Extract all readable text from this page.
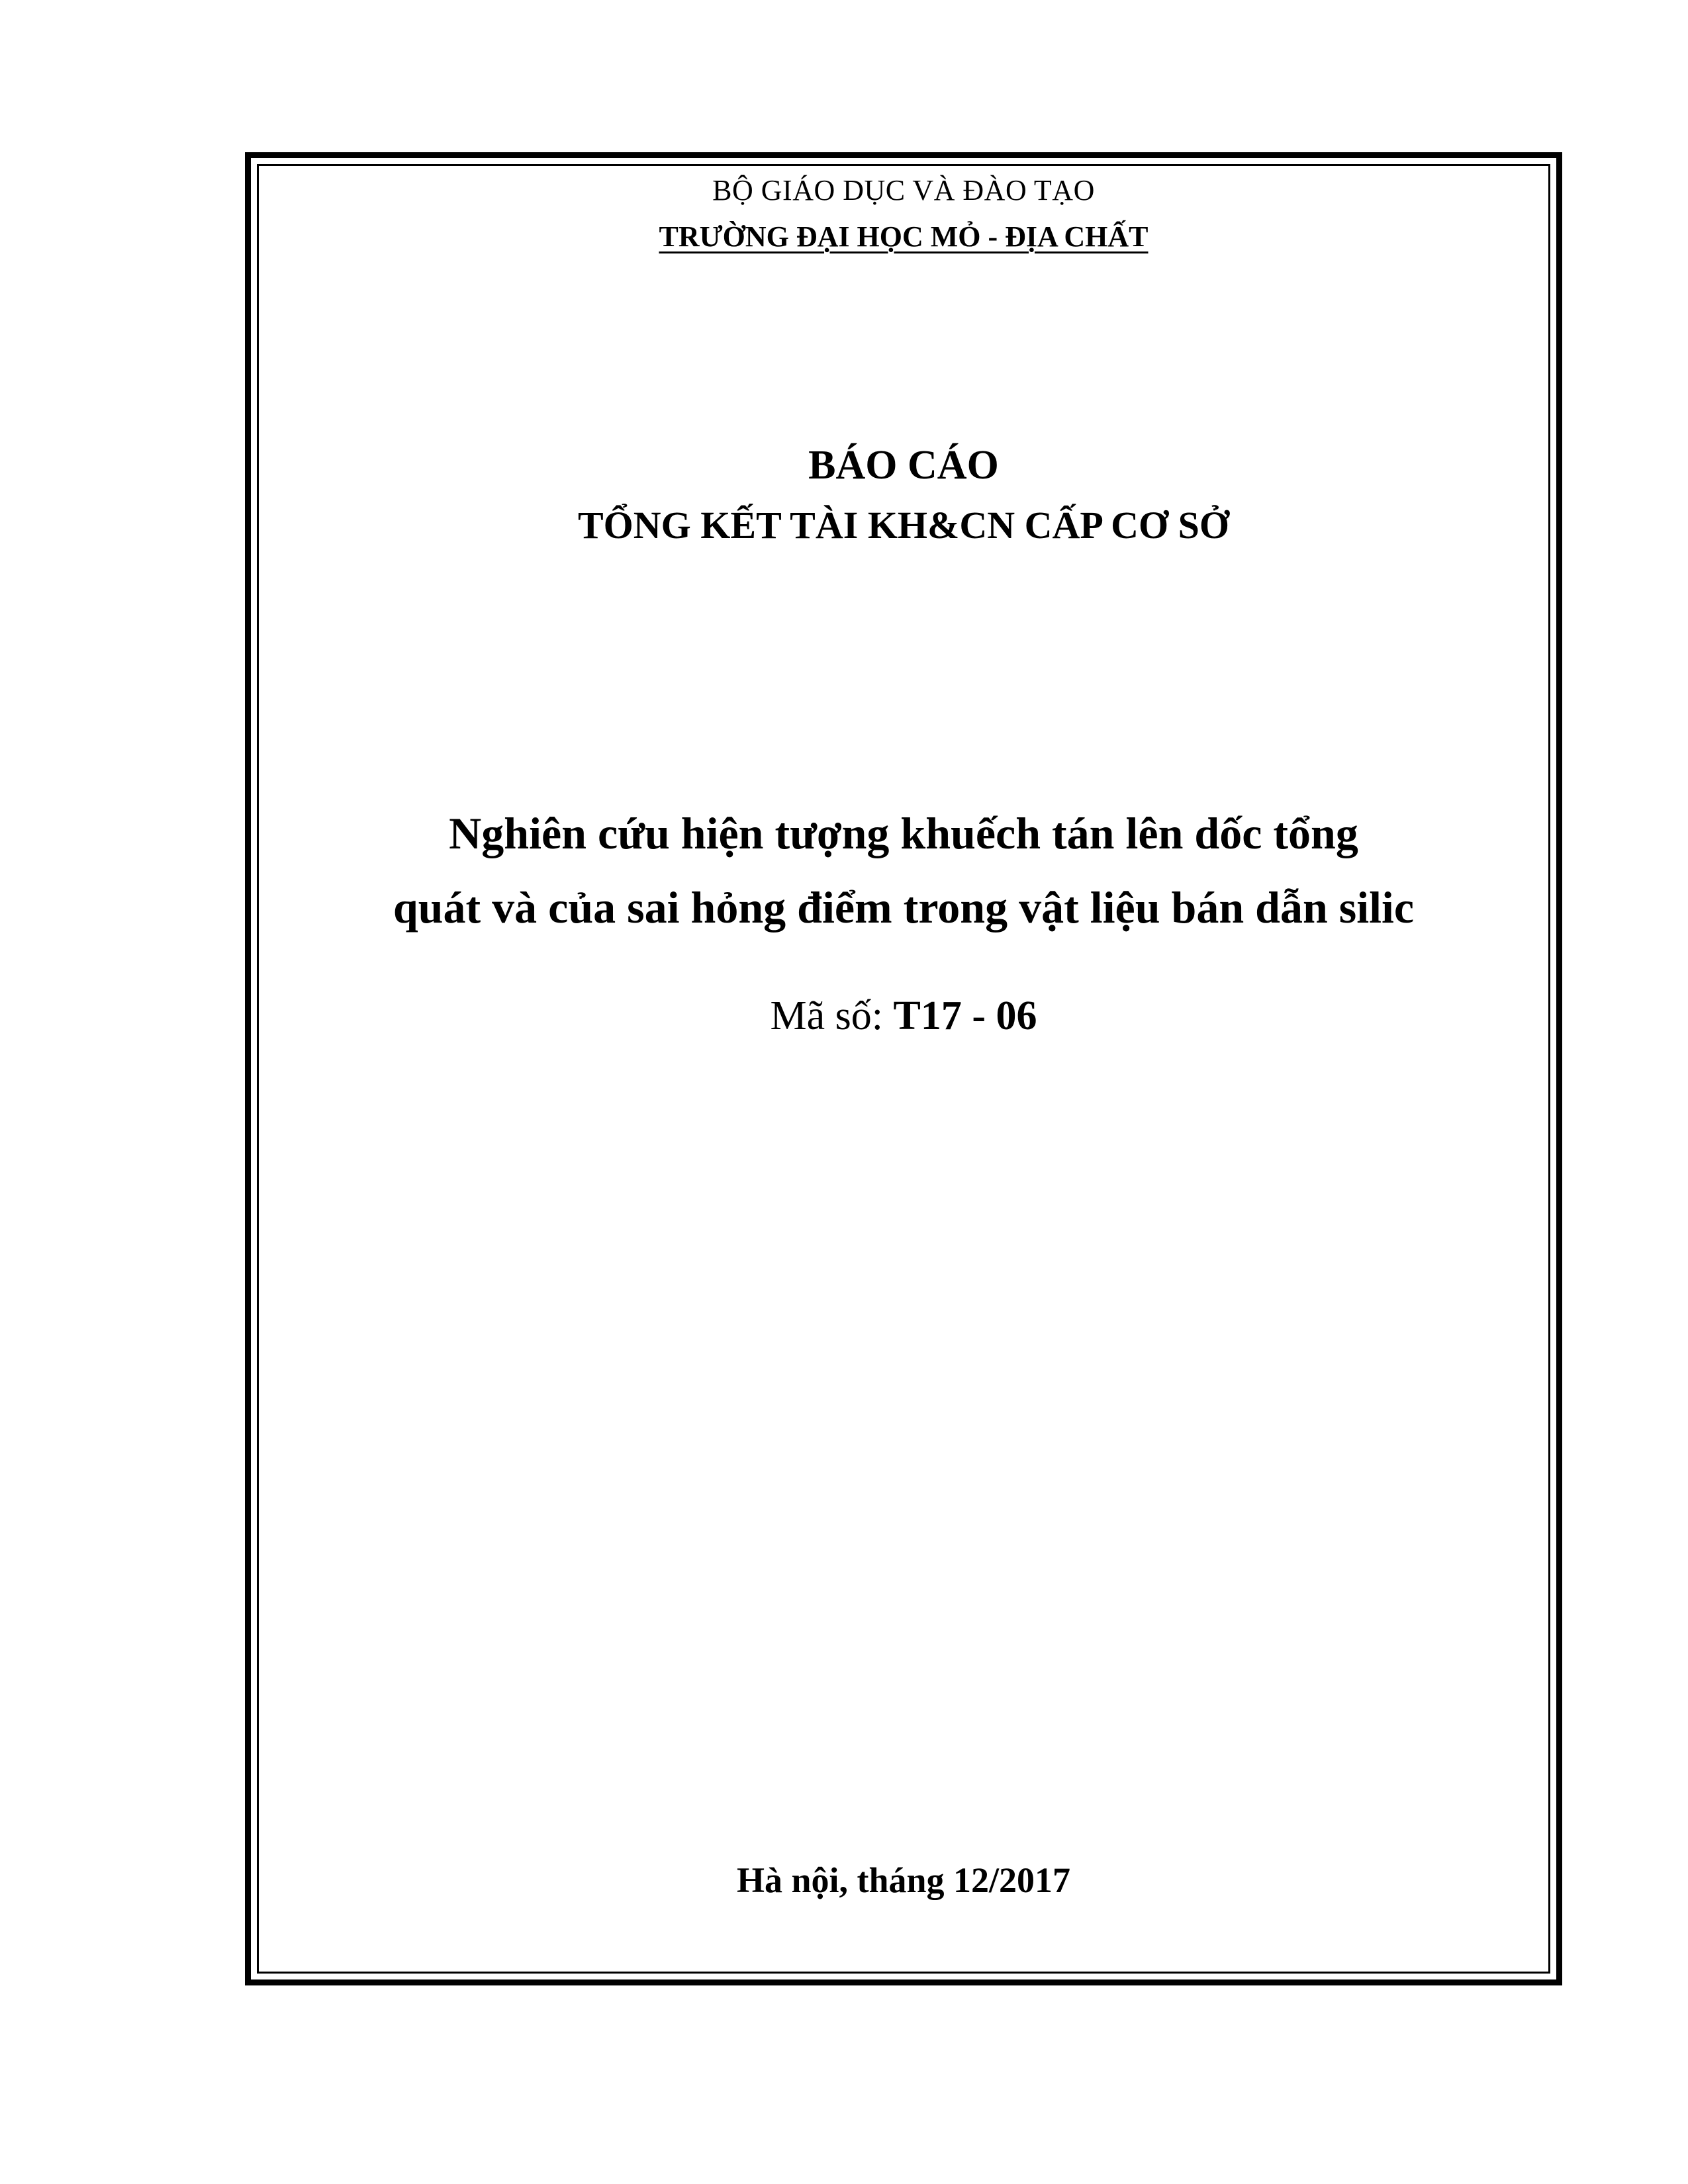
BỘ GIÁO DỤC VÀ ĐÀO TẠO
TRƯỜNG ĐẠI HỌC MỎ - ĐỊA CHẤT
BÁO CÁO
TỔNG KẾT TÀI KH&CN CẤP CƠ SỞ
Nghiên cứu hiện tượng khuếch tán lên dốc tổng
quát và của sai hỏng điểm trong vật liệu bán dẫn silic
Mã số: T17 - 06
Hà nội, tháng 12/2017
